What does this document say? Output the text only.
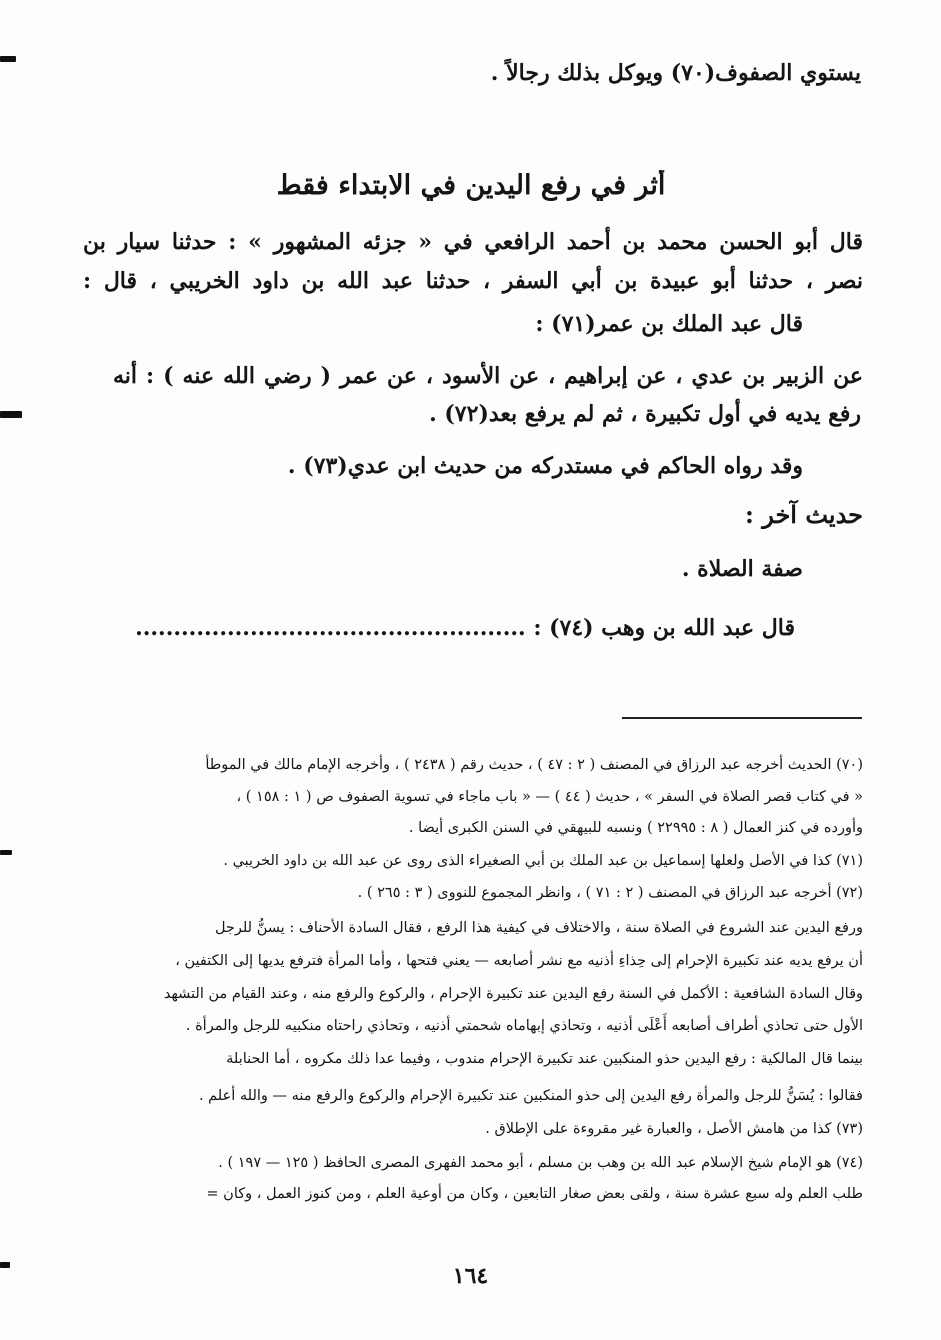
يستوي الصفوف(٧٠) ويوكل بذلك رجالاً .
أثر في رفع اليدين في الابتداء فقط
قال أبو الحسن محمد بن أحمد الرافعي في « جزئه المشهور » : حدثنا سيار بن
نصر ، حدثنا أبو عبيدة بن أبي السفر ، حدثنا عبد الله بن داود الخريبي ، قال :
قال عبد الملك بن عمر(٧١) :
عن الزبير بن عدي ، عن إبراهيم ، عن الأسود ، عن عمر ( رضي الله عنه ) : أنه
رفع يديه في أول تكبيرة ، ثم لم يرفع بعد(٧٢) .
وقد رواه الحاكم في مستدركه من حديث ابن عدي(٧٣) .
حديث آخر :
صفة الصلاة .
قال عبد الله بن وهب (٧٤) : ...................................................
(٧٠) الحديث أخرجه عبد الرزاق في المصنف ( ٢ : ٤٧ ) ، حديث رقم ( ٢٤٣٨ ) ، وأخرجه الإمام مالك في الموطأ
« في كتاب قصر الصلاة في السفر » ، حديث ( ٤٤ ) — « باب ماجاء في تسوية الصفوف ص ( ١ : ١٥٨ ) ،
وأورده في كنز العمال ( ٨ : ٢٢٩٩٥ ) ونسبه للبيهقي في السنن الكبرى أيضا .
(٧١) كذا في الأصل ولعلها إسماعيل بن عبد الملك بن أبي الصغيراء الذى روى عن عبد الله بن داود الخريبي .
(٧٢) أخرجه عبد الرزاق في المصنف ( ٢ : ٧١ ) ، وانظر المجموع للنووى ( ٣ : ٢٦٥ ) .
ورفع اليدين عند الشروع في الصلاة سنة ، والاختلاف في كيفية هذا الرفع ، فقال السادة الأحناف : يسنُّ للرجل
أن يرفع يديه عند تكبيرة الإحرام إلى حِذاءِ أذنيه مع نشر أصابعه — يعني فتحها ، وأما المرأة فترفع يديها إلى الكتفين ،
وقال السادة الشافعية : الأكمل في السنة رفع اليدين عند تكبيرة الإحرام ، والركوع والرفع منه ، وعند القيام من التشهد
الأول حتى تحاذي أطراف أصابعه أَعْلَى أذنيه ، وتحاذي إبهاماه شحمتي أذنيه ، وتحاذي راحتاه منكبيه للرجل والمرأة .
بينما قال المالكية : رفع اليدين حذو المنكبين عند تكبيرة الإحرام مندوب ، وفيما عدا ذلك مكروه ، أما الحنابلة
فقالوا : يُسَنُّ للرجل والمرأة رفع اليدين إلى حذو المنكبين عند تكبيرة الإحرام والركوع والرفع منه — والله أعلم .
(٧٣) كذا من هامش الأصل ، والعبارة غير مقروءة على الإطلاق .
(٧٤) هو الإمام شيخ الإسلام عبد الله بن وهب بن مسلم ، أبو محمد الفهرى المصرى الحافظ ( ١٢٥ — ١٩٧ ) .
طلب العلم وله سبع عشرة سنة ، ولقى بعض صغار التابعين ، وكان من أوعية العلم ، ومن كنوز العمل ، وكان =
١٦٤
